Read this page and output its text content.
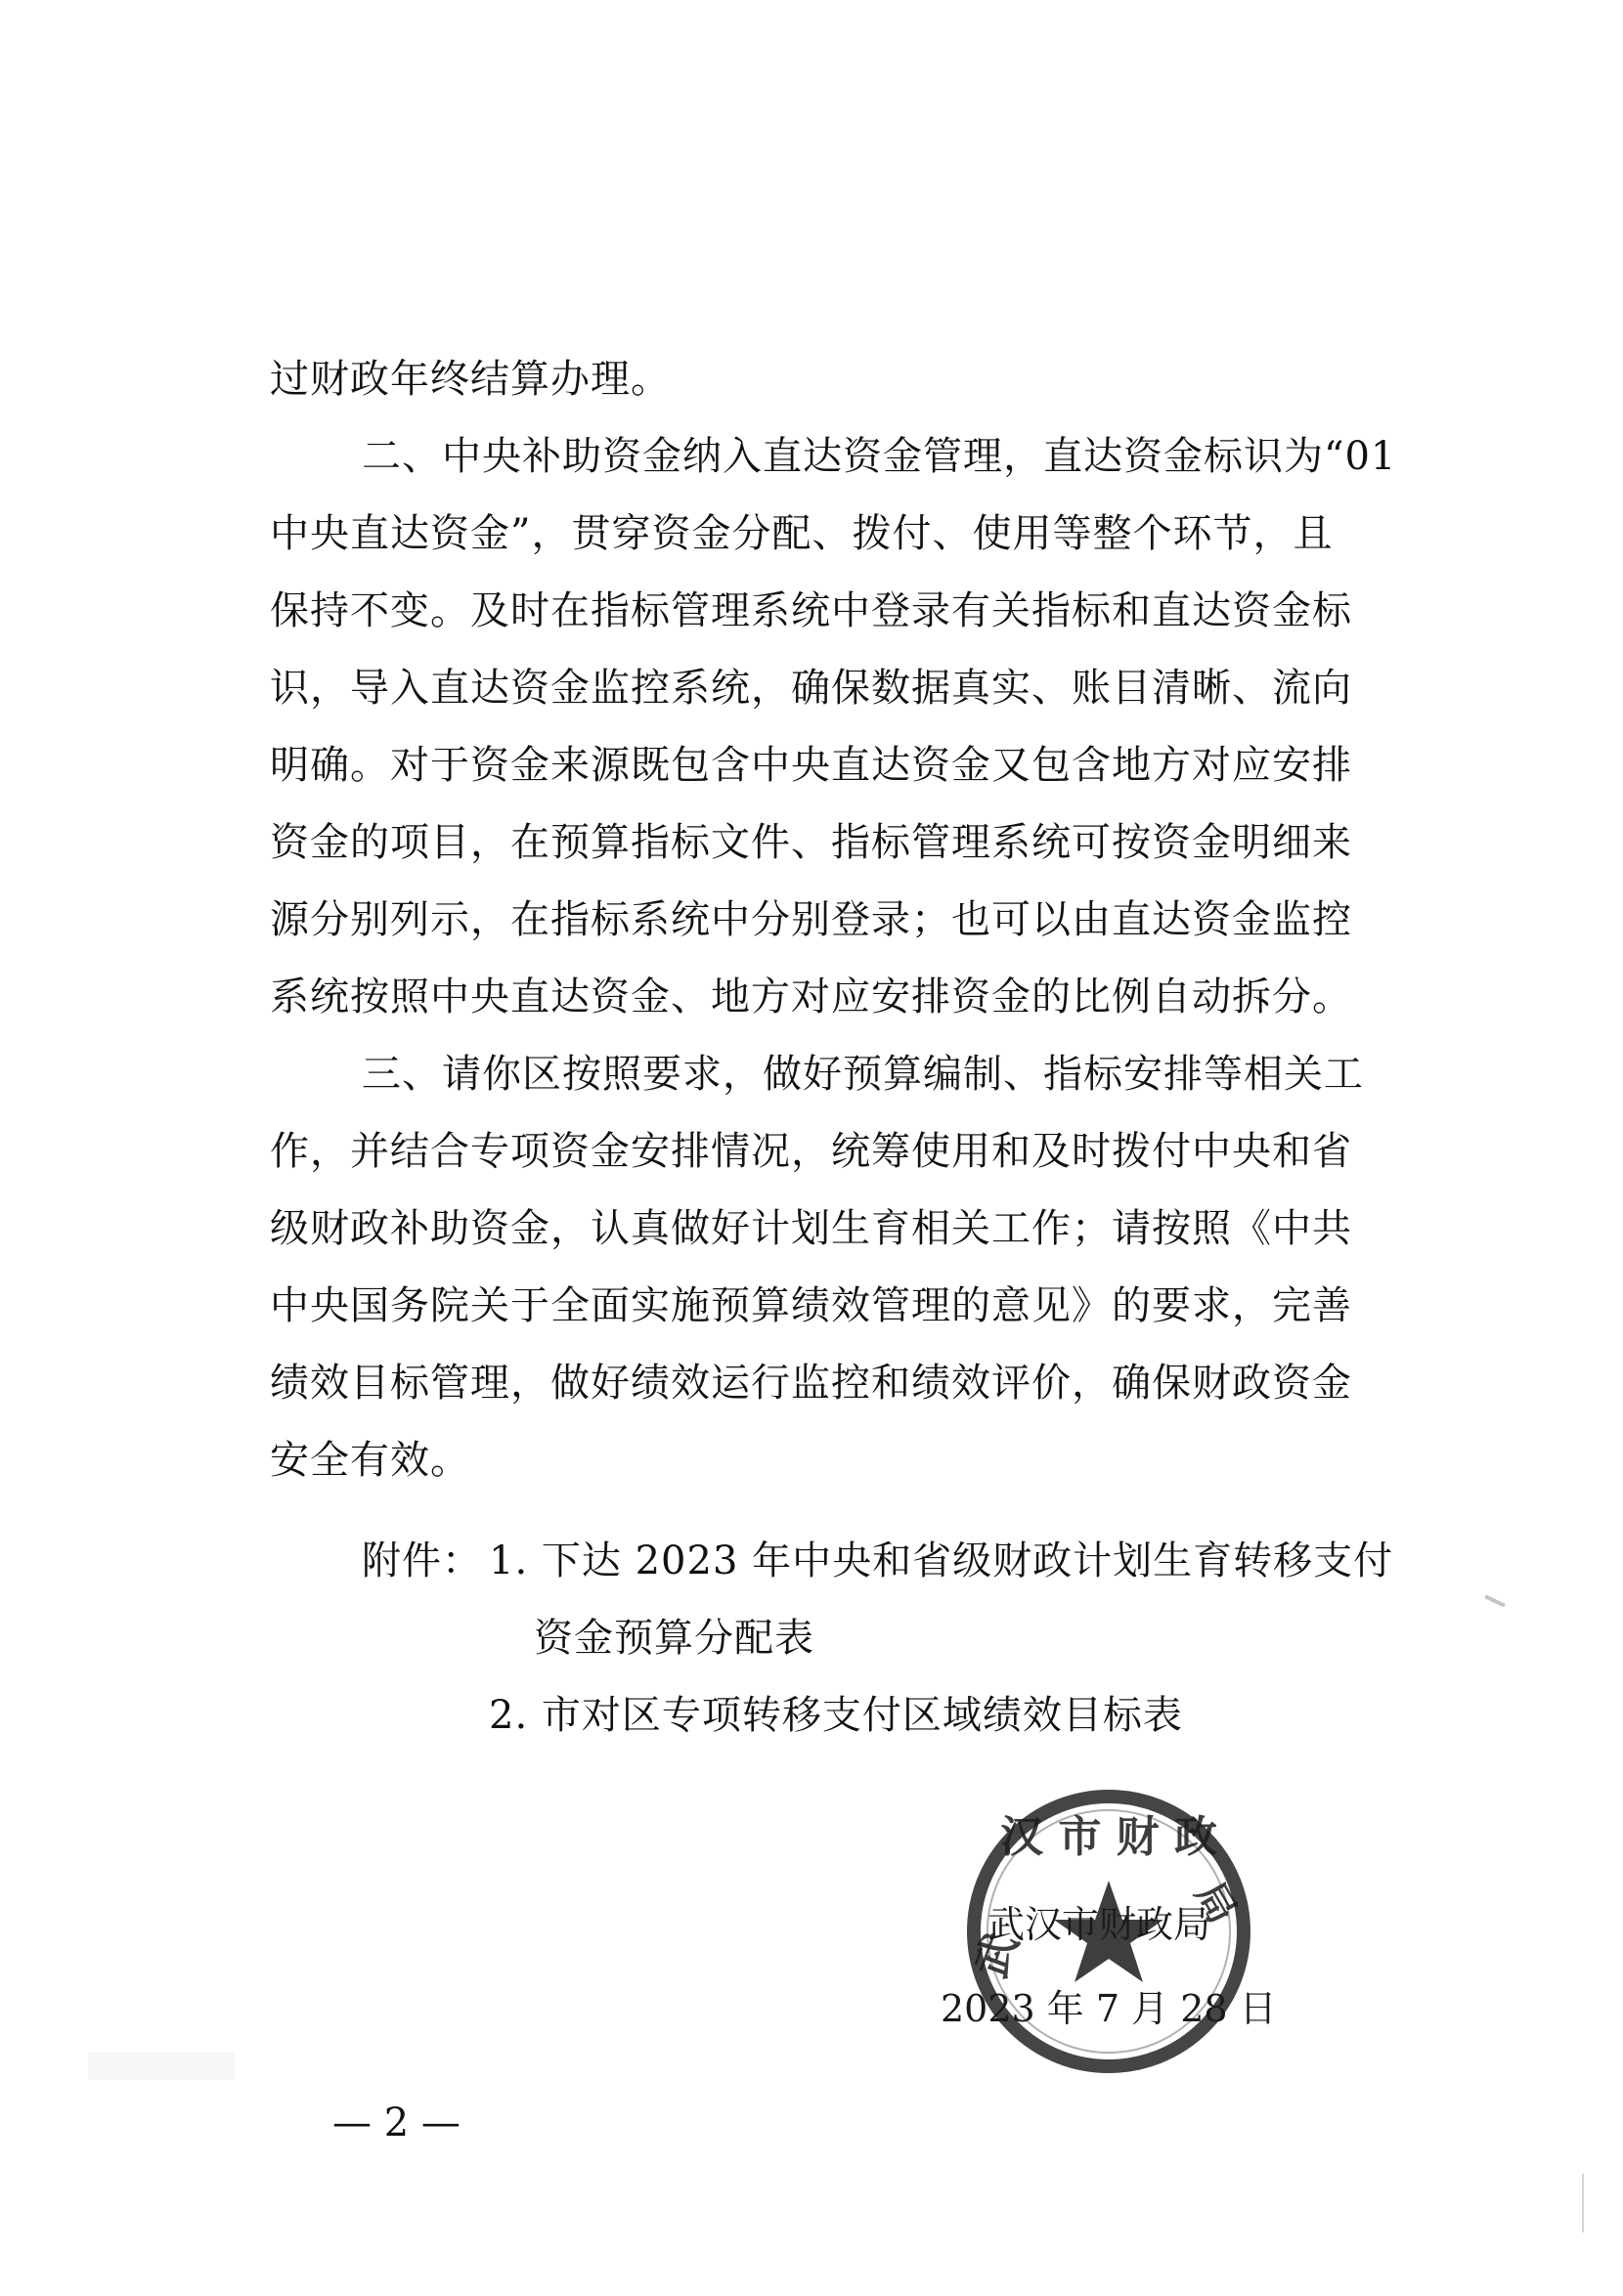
过财政年终结算办理。
二、中央补助资金纳入直达资金管理，直达资金标识为“01
中央直达资金”，贯穿资金分配、拨付、使用等整个环节，且
保持不变。及时在指标管理系统中登录有关指标和直达资金标
识，导入直达资金监控系统，确保数据真实、账目清晰、流向
明确。对于资金来源既包含中央直达资金又包含地方对应安排
资金的项目，在预算指标文件、指标管理系统可按资金明细来
源分别列示，在指标系统中分别登录；也可以由直达资金监控
系统按照中央直达资金、地方对应安排资金的比例自动拆分。
三、请你区按照要求，做好预算编制、指标安排等相关工
作，并结合专项资金安排情况，统筹使用和及时拨付中央和省
级财政补助资金，认真做好计划生育相关工作；请按照《中共
中央国务院关于全面实施预算绩效管理的意见》的要求，完善
绩效目标管理，做好绩效运行监控和绩效评价，确保财政资金
安全有效。
附件： 1. 下达 2023 年中央和省级财政计划生育转移支付
资金预算分配表
2. 市对区专项转移支付区域绩效目标表
汉 市 财 政
武
局
武汉市财政局
2023 年 7 月 28 日
— 2 —
